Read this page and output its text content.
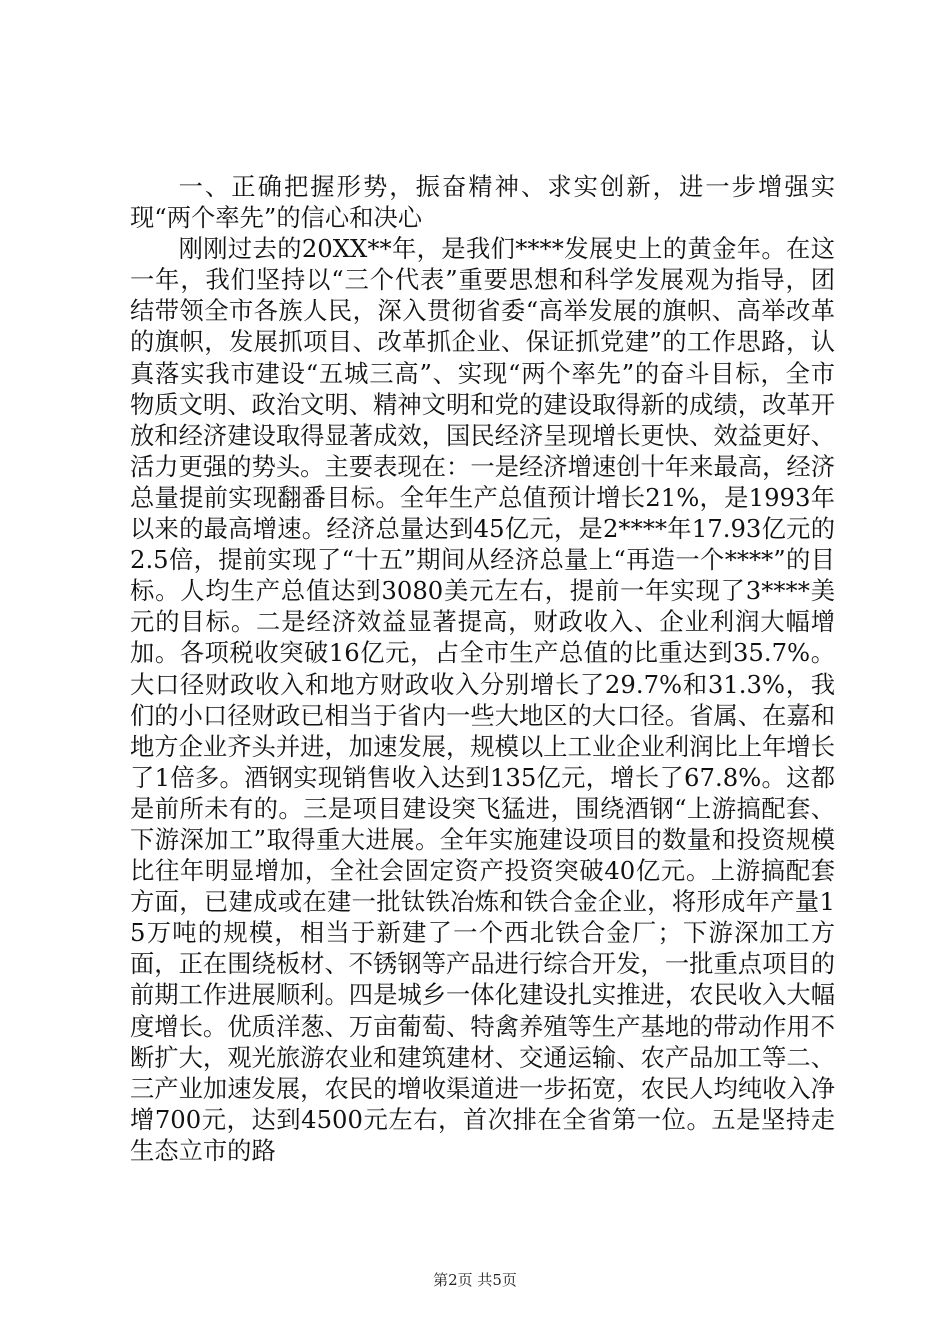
一、正确把握形势，振奋精神、求实创新，进一步增强实现“两个率先”的信心和决心

刚刚过去的20XX**年，是我们****发展史上的黄金年。在这一年，我们坚持以“三个代表”重要思想和科学发展观为指导，团结带领全市各族人民，深入贯彻省委“高举发展的旗帜、高举改革的旗帜，发展抓项目、改革抓企业、保证抓党建”的工作思路，认真落实我市建设“五城三高”、实现“两个率先”的奋斗目标，全市物质文明、政治文明、精神文明和党的建设取得新的成绩，改革开放和经济建设取得显著成效，国民经济呈现增长更快、效益更好、活力更强的势头。主要表现在：一是经济增速创十年来最高，经济总量提前实现翻番目标。全年生产总值预计增长21%，是1993年以来的最高增速。经济总量达到45亿元，是2****年17.93亿元的2.5倍，提前实现了“十五”期间从经济总量上“再造一个****”的目标。人均生产总值达到3080美元左右，提前一年实现了3****美元的目标。二是经济效益显著提高，财政收入、企业利润大幅增加。各项税收突破16亿元，占全市生产总值的比重达到35.7%。大口径财政收入和地方财政收入分别增长了29.7%和31.3%，我们的小口径财政已相当于省内一些大地区的大口径。省属、在嘉和地方企业齐头并进，加速发展，规模以上工业企业利润比上年增长了1倍多。酒钢实现销售收入达到135亿元，增长了67.8%。这都是前所未有的。三是项目建设突飞猛进，围绕酒钢“上游搞配套、下游深加工”取得重大进展。全年实施建设项目的数量和投资规模比往年明显增加，全社会固定资产投资突破40亿元。上游搞配套方面，已建成或在建一批钛铁冶炼和铁合金企业，将形成年产量15万吨的规模，相当于新建了一个西北铁合金厂；下游深加工方面，正在围绕板材、不锈钢等产品进行综合开发，一批重点项目的前期工作进展顺利。四是城乡一体化建设扎实推进，农民收入大幅度增长。优质洋葱、万亩葡萄、特禽养殖等生产基地的带动作用不断扩大，观光旅游农业和建筑建材、交通运输、农产品加工等二、三产业加速发展，农民的增收渠道进一步拓宽，农民人均纯收入净增700元，达到4500元左右，首次排在全省第一位。五是坚持走生态立市的路

第2页 共5页
